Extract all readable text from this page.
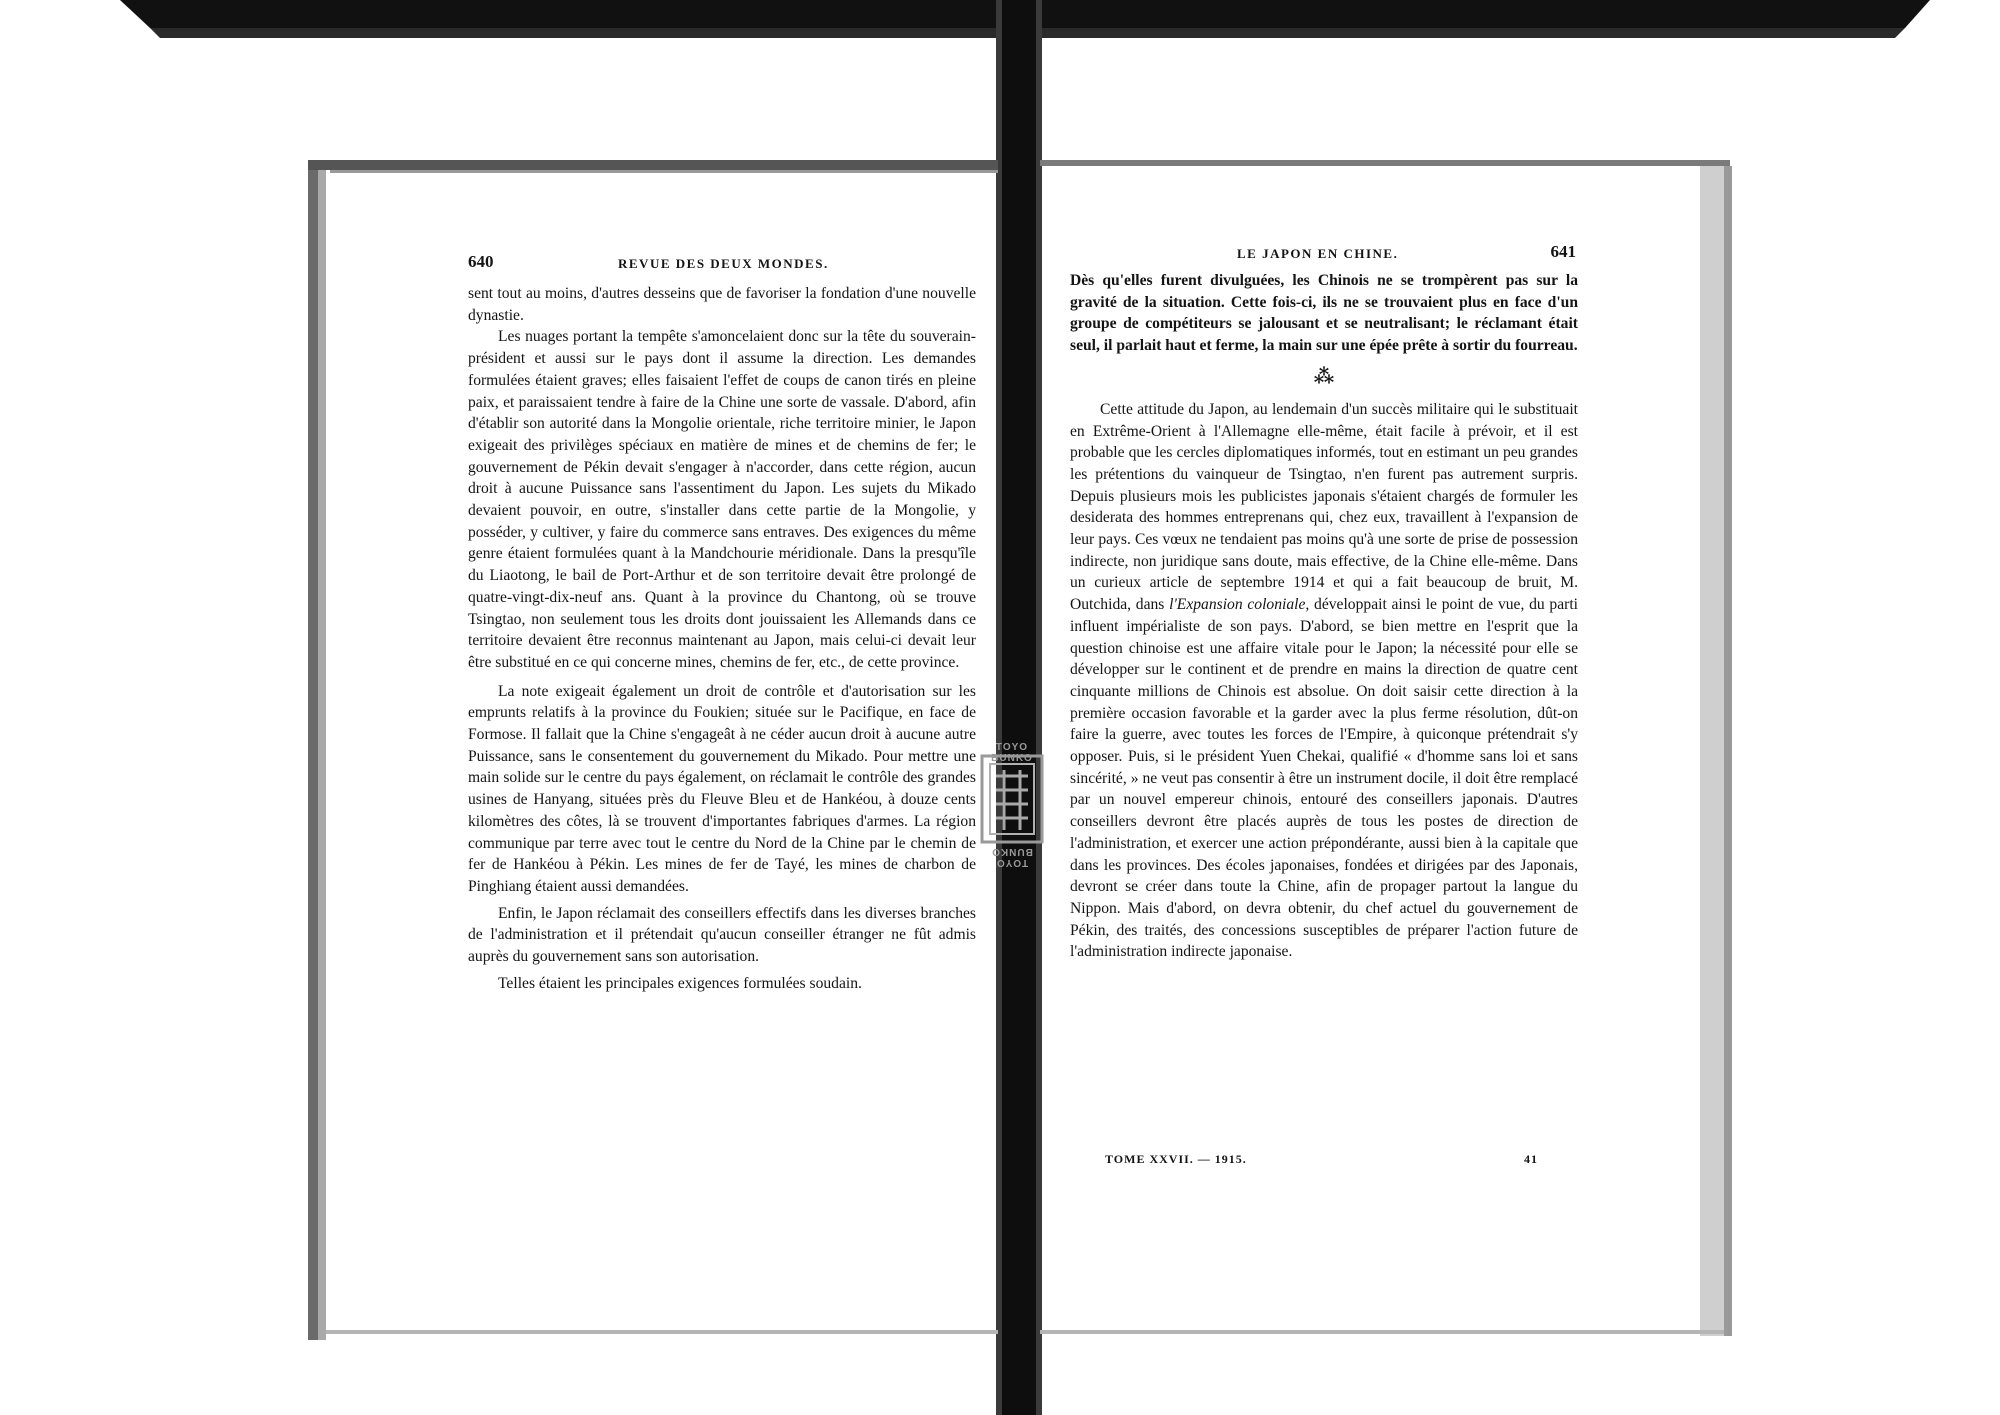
640	REVUE DES DEUX MONDES.

sent tout au moins, d'autres desseins que de favoriser la fondation d'une nouvelle dynastie.

Les nuages portant la tempête s'amoncelaient donc sur la tête du souverain-président et aussi sur le pays dont il assume la direction. Les demandes formulées étaient graves; elles faisaient l'effet de coups de canon tirés en pleine paix, et paraissaient tendre à faire de la Chine une sorte de vassale. D'abord, afin d'établir son autorité dans la Mongolie orientale, riche territoire minier, le Japon exigeait des privilèges spéciaux en matière de mines et de chemins de fer; le gouvernement de Pékin devait s'engager à n'accorder, dans cette région, aucun droit à aucune Puissance sans l'assentiment du Japon. Les sujets du Mikado devaient pouvoir, en outre, s'installer dans cette partie de la Mongolie, y posséder, y cultiver, y faire du commerce sans entraves. Des exigences du même genre étaient formulées quant à la Mandchourie méridionale. Dans la presqu'île du Liaotong, le bail de Port-Arthur et de son territoire devait être prolongé de quatre-vingt-dix-neuf ans. Quant à la province du Chantong, où se trouve Tsingtao, non seulement tous les droits dont jouissaient les Allemands dans ce territoire devaient être reconnus maintenant au Japon, mais celui-ci devait leur être substitué en ce qui concerne mines, chemins de fer, etc., de cette province.

La note exigeait également un droit de contrôle et d'autorisation sur les emprunts relatifs à la province du Foukien; située sur le Pacifique, en face de Formose. Il fallait que la Chine s'engageât à ne céder aucun droit à aucune autre Puissance, sans le consentement du gouvernement du Mikado. Pour mettre une main solide sur le centre du pays également, on réclamait le contrôle des grandes usines de Hanyang, situées près du Fleuve Bleu et de Hankéou, à douze cents kilomètres des côtes, là se trouvent d'importantes fabriques d'armes. La région communique par terre avec tout le centre du Nord de la Chine par le chemin de fer de Hankéou à Pékin. Les mines de fer de Tayé, les mines de charbon de Pinghiang étaient aussi demandées.

Enfin, le Japon réclamait des conseillers effectifs dans les diverses branches de l'administration et il prétendait qu'aucun conseiller étranger ne fût admis auprès du gouvernement sans son autorisation.

Telles étaient les principales exigences formulées soudain.

TOYO BUNKO
TOYO BUNKO
LE JAPON EN CHINE.	641

Dès qu'elles furent divulguées, les Chinois ne se trompèrent pas sur la gravité de la situation. Cette fois-ci, ils ne se trouvaient plus en face d'un groupe de compétiteurs se jalousant et se neutralisant; le réclamant était seul, il parlait haut et ferme, la main sur une épée prête à sortir du fourreau.

⁂

Cette attitude du Japon, au lendemain d'un succès militaire qui le substituait en Extrême-Orient à l'Allemagne elle-même, était facile à prévoir, et il est probable que les cercles diplomatiques informés, tout en estimant un peu grandes les prétentions du vainqueur de Tsingtao, n'en furent pas autrement surpris. Depuis plusieurs mois les publicistes japonais s'étaient chargés de formuler les desiderata des hommes entreprenans qui, chez eux, travaillent à l'expansion de leur pays. Ces vœux ne tendaient pas moins qu'à une sorte de prise de possession indirecte, non juridique sans doute, mais effective, de la Chine elle-même. Dans un curieux article de septembre 1914 et qui a fait beaucoup de bruit, M. Outchida, dans l'Expansion coloniale, développait ainsi le point de vue, du parti influent impérialiste de son pays. D'abord, se bien mettre en l'esprit que la question chinoise est une affaire vitale pour le Japon; la nécessité pour elle se développer sur le continent et de prendre en mains la direction de quatre cent cinquante millions de Chinois est absolue. On doit saisir cette direction à la première occasion favorable et la garder avec la plus ferme résolution, dût-on faire la guerre, avec toutes les forces de l'Empire, à quiconque prétendrait s'y opposer. Puis, si le président Yuen Chekai, qualifié « d'homme sans loi et sans sincérité, » ne veut pas consentir à être un instrument docile, il doit être remplacé par un nouvel empereur chinois, entouré des conseillers japonais. D'autres conseillers devront être placés auprès de tous les postes de direction de l'administration, et exercer une action prépondérante, aussi bien à la capitale que dans les provinces. Des écoles japonaises, fondées et dirigées par des Japonais, devront se créer dans toute la Chine, afin de propager partout la langue du Nippon. Mais d'abord, on devra obtenir, du chef actuel du gouvernement de Pékin, des traités, des concessions susceptibles de préparer l'action future de l'administration indirecte japonaise.

TOME XXVII. — 1915.	41
